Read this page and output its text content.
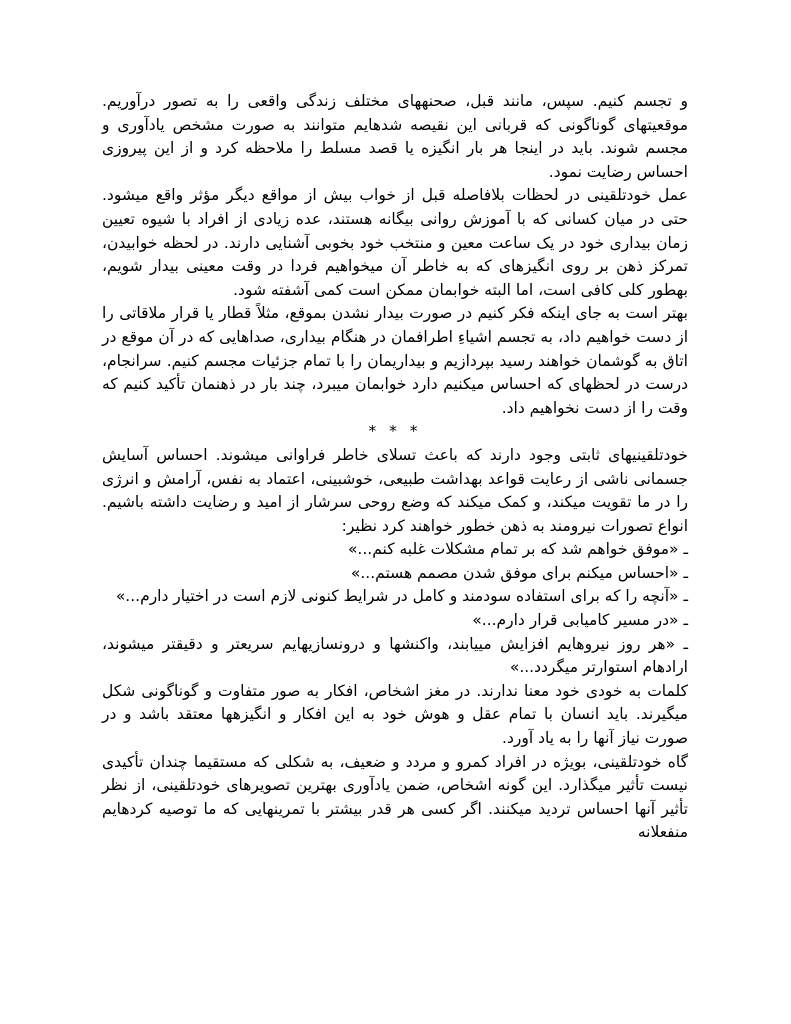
و تجسم کنیم. سپس، مانند قبل، صحنههای مختلف زندگی واقعی را به تصور درآوریم. موقعیتهای گوناگونی که قربانی این نقیصه شدهایم متوانند به صورت مشخص یادآوری و مجسم شوند. باید در اینجا هر بار انگیزه یا قصد مسلط را ملاحظه کرد و از این پیروزی احساس رضایت نمود.

عمل خودتلقینی در لحظات بلافاصله قبل از خواب بیش از مواقع دیگر مؤثر واقع میشود. حتی در میان کسانی که با آموزش روانی بیگانه هستند، عده زیادی از افراد با شیوه تعیین زمان بیداری خود در یک ساعت معین و منتخب خود بخوبی آشنایی دارند. در لحظه خوابیدن، تمرکز ذهن بر روی انگیزهای که به خاطر آن میخواهیم فردا در وقت معینی بیدار شویم، بهطور کلی کافی است، اما البته خوابمان ممکن است کمی آشفته شود.

بهتر است به جای اینکه فکر کنیم در صورت بیدار نشدن بموقع، مثلاً قطار یا قرار ملاقاتی را از دست خواهیم داد، به تجسم اشیاءِ اطرافمان در هنگام بیداری، صداهایی که در آن موقع در اتاق به گوشمان خواهند رسید بپردازیم و بیداریمان را با تمام جزئیات مجسم کنیم. سرانجام، درست در لحظهای که احساس میکنیم دارد خوابمان میبرد، چند بار در ذهنمان تأکید کنیم که وقت را از دست نخواهیم داد.

* * *

خودتلقینیهای ثابتی وجود دارند که باعث تسلای خاطر فراوانی میشوند. احساس آسایش جسمانی ناشی از رعایت قواعد بهداشت طبیعی، خوشبینی، اعتماد به نفس، آرامش و انرژی را در ما تقویت میکند، و کمک میکند که وضع روحی سرشار از امید و رضایت داشته باشیم. انواع تصورات نیرومند به ذهن خطور خواهند کرد نظیر:

ـ «موفق خواهم شد که بر تمام مشکلات غلبه کنم...»

ـ «احساس میکنم برای موفق شدن مصمم هستم...»

ـ «آنچه را که برای استفاده سودمند و کامل در شرایط کنونی لازم است در اختیار دارم...»

ـ «در مسیر کامیابی قرار دارم...»

ـ «هر روز نیروهایم افزایش مییابند، واکنشها و درونسازیهایم سریعتر و دقیقتر میشوند، ارادهام استوارتر میگردد...»

کلمات به خودی خود معنا ندارند. در مغز اشخاص، افکار به صور متفاوت و گوناگونی شکل میگیرند. باید انسان با تمام عقل و هوش خود به این افکار و انگیزهها معتقد باشد و در صورت نیاز آنها را به یاد آورد.

گاه خودتلقینی، بویژه در افراد کمرو و مردد و ضعیف، به شکلی که مستقیما چندان تأکیدی نیست تأثیر میگذارد. این گونه اشخاص، ضمن یادآوری بهترین تصویرهای خودتلقینی، از نظر تأثیر آنها احساس تردید میکنند. اگر کسی هر قدر بیشتر با تمرینهایی که ما توصیه کردهایم منفعلانه
